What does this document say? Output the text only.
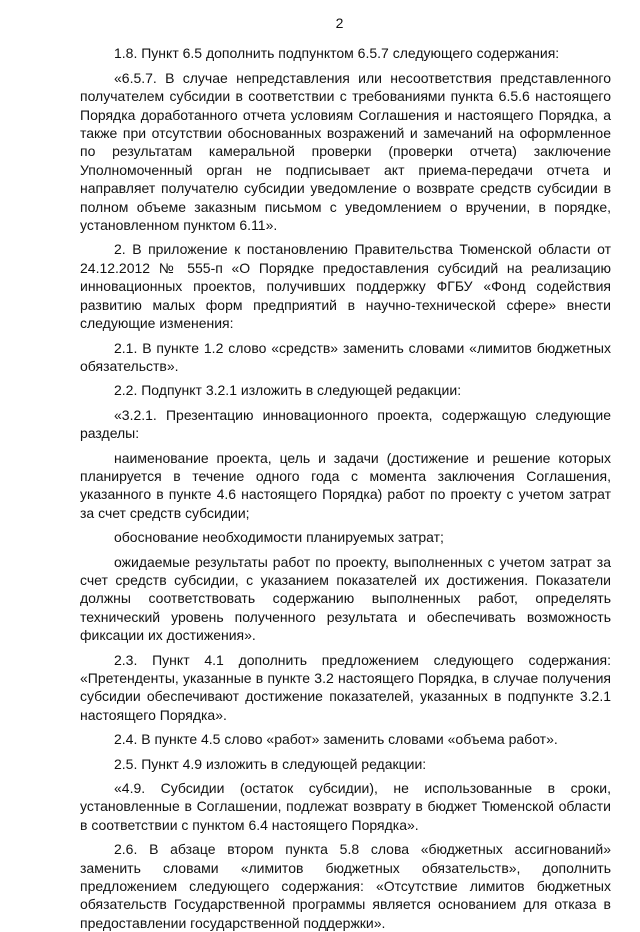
2

1.8. Пункт 6.5 дополнить подпунктом 6.5.7 следующего содержания:

«6.5.7. В случае непредставления или несоответствия представленного получателем субсидии в соответствии с требованиями пункта 6.5.6 настоящего Порядка доработанного отчета условиям Соглашения и настоящего Порядка, а также при отсутствии обоснованных возражений и замечаний на оформленное по результатам камеральной проверки (проверки отчета) заключение Уполномоченный орган не подписывает акт приема-передачи отчета и направляет получателю субсидии уведомление о возврате средств субсидии в полном объеме заказным письмом с уведомлением о вручении, в порядке, установленном пунктом 6.11».

2. В приложение к постановлению Правительства Тюменской области от 24.12.2012 № 555-п «О Порядке предоставления субсидий на реализацию инновационных проектов, получивших поддержку ФГБУ «Фонд содействия развитию малых форм предприятий в научно-технической сфере» внести следующие изменения:

2.1. В пункте 1.2 слово «средств» заменить словами «лимитов бюджетных обязательств».

2.2. Подпункт 3.2.1 изложить в следующей редакции:

«3.2.1. Презентацию инновационного проекта, содержащую следующие разделы:

наименование проекта, цель и задачи (достижение и решение которых планируется в течение одного года с момента заключения Соглашения, указанного в пункте 4.6 настоящего Порядка) работ по проекту с учетом затрат за счет средств субсидии;

обоснование необходимости планируемых затрат;

ожидаемые результаты работ по проекту, выполненных с учетом затрат за счет средств субсидии, с указанием показателей их достижения. Показатели должны соответствовать содержанию выполненных работ, определять технический уровень полученного результата и обеспечивать возможность фиксации их достижения».

2.3. Пункт 4.1 дополнить предложением следующего содержания: «Претенденты, указанные в пункте 3.2 настоящего Порядка, в случае получения субсидии обеспечивают достижение показателей, указанных в подпункте 3.2.1 настоящего Порядка».

2.4. В пункте 4.5 слово «работ» заменить словами «объема работ».

2.5. Пункт 4.9 изложить в следующей редакции:

«4.9. Субсидии (остаток субсидии), не использованные в сроки, установленные в Соглашении, подлежат возврату в бюджет Тюменской области в соответствии с пунктом 6.4 настоящего Порядка».

2.6. В абзаце втором пункта 5.8 слова «бюджетных ассигнований» заменить словами «лимитов бюджетных обязательств», дополнить предложением следующего содержания: «Отсутствие лимитов бюджетных обязательств Государственной программы является основанием для отказа в предоставлении государственной поддержки».
